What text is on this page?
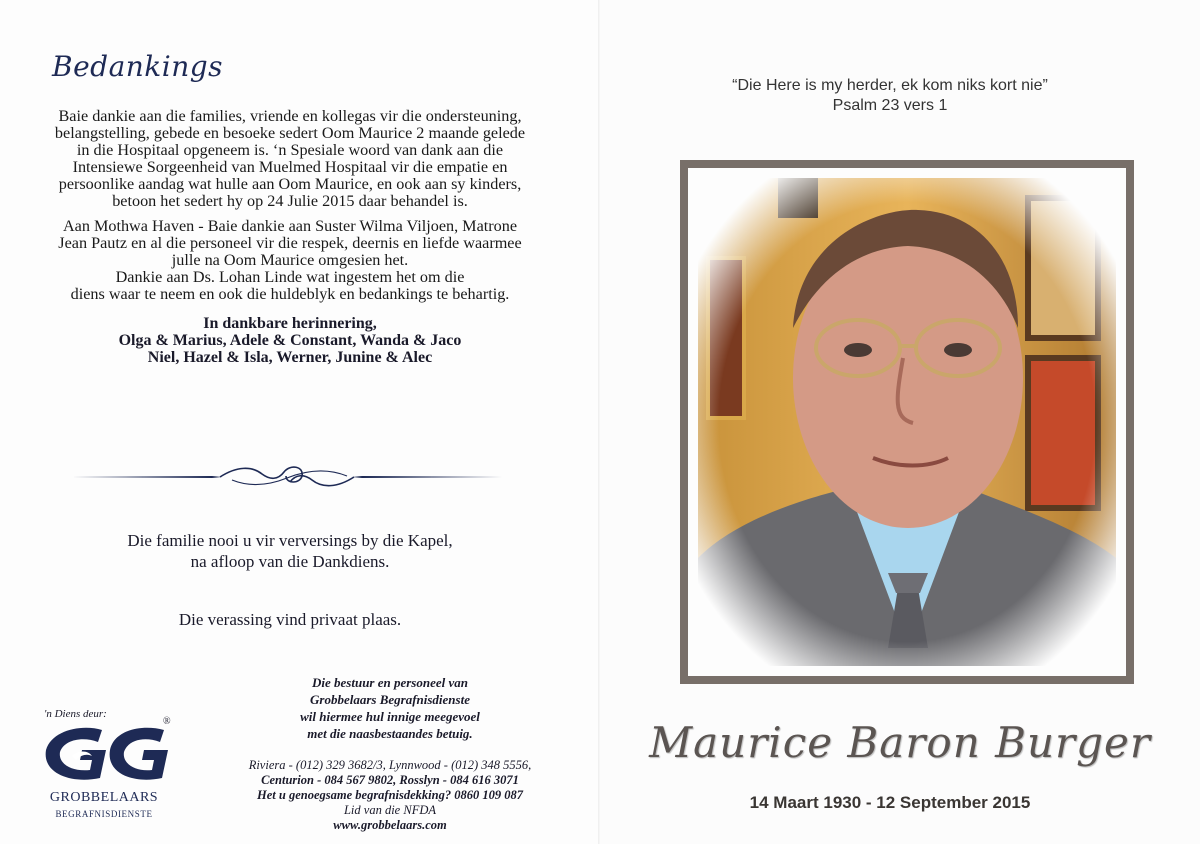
Bedankings
Baie dankie aan die families, vriende en kollegas vir die ondersteuning,
belangstelling, gebede en besoeke sedert Oom Maurice 2 maande gelede
in die Hospitaal opgeneem is. ‘n Spesiale woord van dank aan die
Intensiewe Sorgeenheid van Muelmed Hospitaal vir die empatie en
persoonlike aandag wat hulle aan Oom Maurice, en ook aan sy kinders,
betoon het sedert hy op 24 Julie 2015 daar behandel is.
Aan Mothwa Haven - Baie dankie aan Suster Wilma Viljoen, Matrone
Jean Pautz en al die personeel vir die respek, deernis en liefde waarmee
julle na Oom Maurice omgesien het.
Dankie aan Ds. Lohan Linde wat ingestem het om die
diens waar te neem en ook die huldeblyk en bedankings te behartig.
In dankbare herinnering,
Olga & Marius, Adele & Constant, Wanda & Jaco
Niel, Hazel & Isla, Werner, Junine & Alec
Die familie nooi u vir verversings by die Kapel,
na afloop van die Dankdiens.
Die verassing vind privaat plaas.
Die bestuur en personeel van
Grobbelaars Begrafnisdienste
wil hiermee hul innige meegevoel
met die naasbestaandes betuig.
Riviera - (012) 329 3682/3, Lynnwood - (012) 348 5556,
Centurion - 084 567 9802, Rosslyn - 084 616 3071
Het u genoegsame begrafnisdekking? 0860 109 087
Lid van die NFDA
www.grobbelaars.com
'n Diens deur:
®
GROBBELAARS
BEGRAFNISDIENSTE
“Die Here is my herder, ek kom niks kort nie”
Psalm 23 vers 1
Maurice Baron Burger
14 Maart 1930 - 12 September 2015
